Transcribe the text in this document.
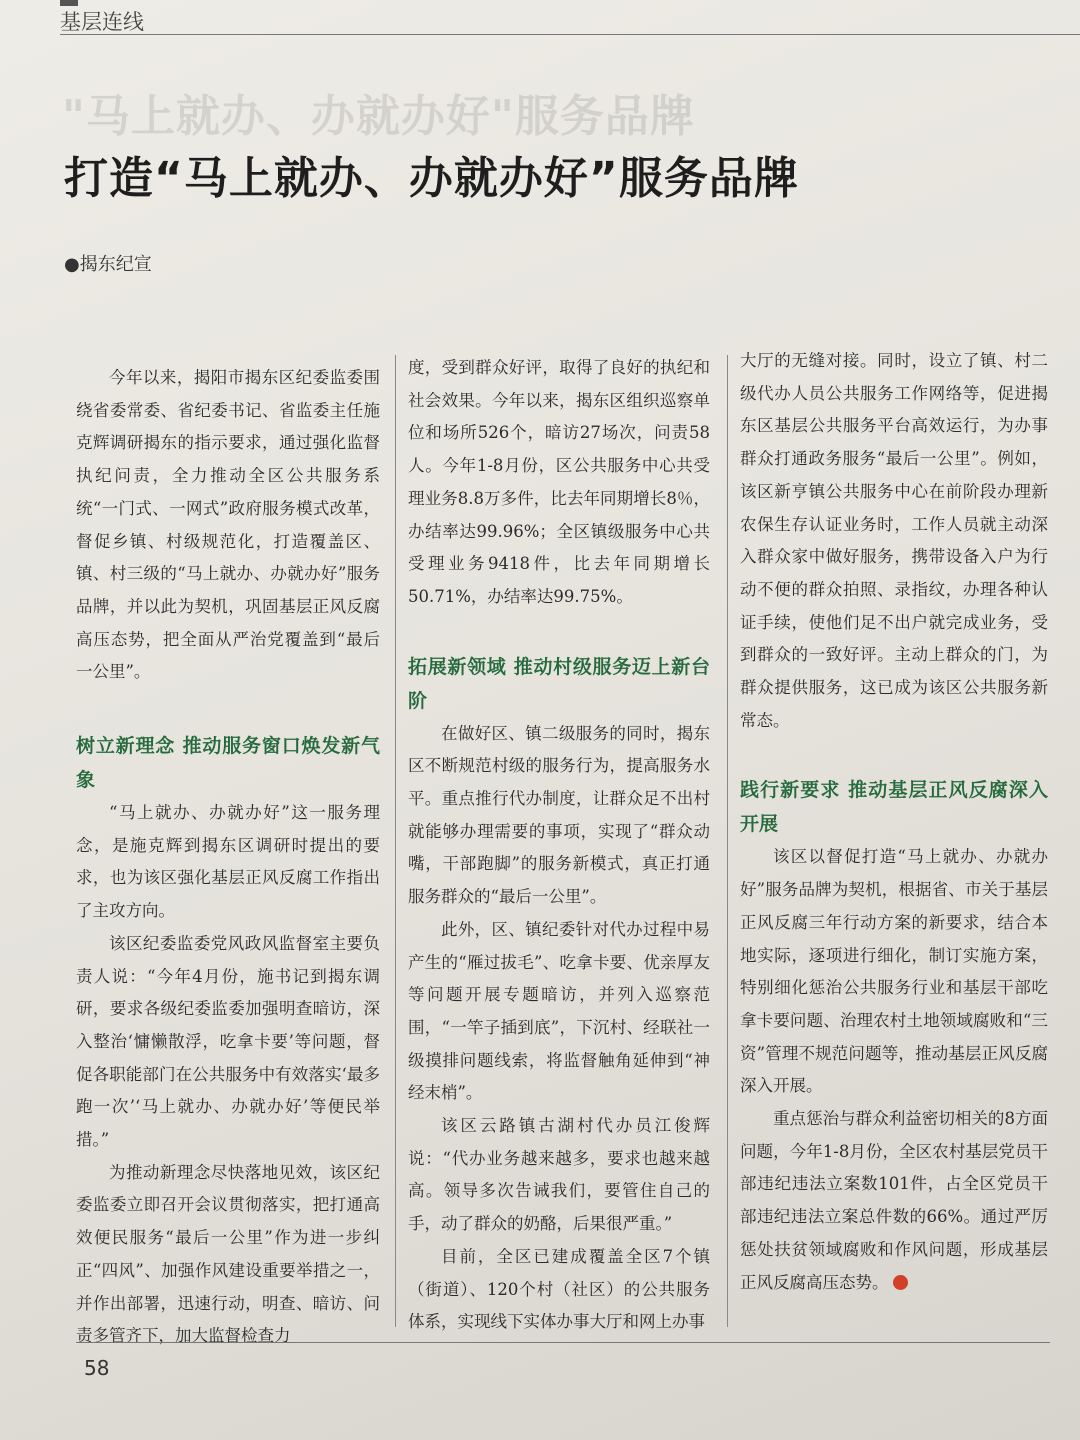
基层连线
"马上就办、办就办好"服务品牌
打造“马上就办、办就办好”服务品牌
●揭东纪宣

今年以来，揭阳市揭东区纪委监委围绕省委常委、省纪委书记、省监委主任施克辉调研揭东的指示要求，通过强化监督执纪问责，全力推动全区公共服务系统“一门式、一网式”政府服务模式改革，督促乡镇、村级规范化，打造覆盖区、镇、村三级的“马上就办、办就办好”服务品牌，并以此为契机，巩固基层正风反腐高压态势，把全面从严治党覆盖到“最后一公里”。

树立新理念 推动服务窗口焕发新气象

“马上就办、办就办好”这一服务理念，是施克辉到揭东区调研时提出的要求，也为该区强化基层正风反腐工作指出了主攻方向。

该区纪委监委党风政风监督室主要负责人说：“今年4月份，施书记到揭东调研，要求各级纪委监委加强明查暗访，深入整治‘慵懒散浮，吃拿卡要’等问题，督促各职能部门在公共服务中有效落实‘最多跑一次’‘马上就办、办就办好’等便民举措。”

为推动新理念尽快落地见效，该区纪委监委立即召开会议贯彻落实，把打通高效便民服务“最后一公里”作为进一步纠正“四风”、加强作风建设重要举措之一，并作出部署，迅速行动，明查、暗访、问责多管齐下，加大监督检查力

度，受到群众好评，取得了良好的执纪和社会效果。今年以来，揭东区组织巡察单位和场所526个，暗访27场次，问责58人。今年1-8月份，区公共服务中心共受理业务8.8万多件，比去年同期增长8％，办结率达99.96%；全区镇级服务中心共受理业务9418件，比去年同期增长50.71%，办结率达99.75%。

拓展新领域 推动村级服务迈上新台阶

在做好区、镇二级服务的同时，揭东区不断规范村级的服务行为，提高服务水平。重点推行代办制度，让群众足不出村就能够办理需要的事项，实现了“群众动嘴，干部跑脚”的服务新模式，真正打通服务群众的“最后一公里”。

此外，区、镇纪委针对代办过程中易产生的“雁过拔毛”、吃拿卡要、优亲厚友等问题开展专题暗访，并列入巡察范围，“一竿子插到底”，下沉村、经联社一级摸排问题线索，将监督触角延伸到“神经末梢”。

该区云路镇古湖村代办员江俊辉说：“代办业务越来越多，要求也越来越高。领导多次告诫我们，要管住自己的手，动了群众的奶酪，后果很严重。”

目前，全区已建成覆盖全区7个镇（街道）、120个村（社区）的公共服务体系，实现线下实体办事大厅和网上办事

大厅的无缝对接。同时，设立了镇、村二级代办人员公共服务工作网络等，促进揭东区基层公共服务平台高效运行，为办事群众打通政务服务“最后一公里”。例如，该区新亨镇公共服务中心在前阶段办理新农保生存认证业务时，工作人员就主动深入群众家中做好服务，携带设备入户为行动不便的群众拍照、录指纹，办理各种认证手续，使他们足不出户就完成业务，受到群众的一致好评。主动上群众的门，为群众提供服务，这已成为该区公共服务新常态。

践行新要求 推动基层正风反腐深入开展

该区以督促打造“马上就办、办就办好”服务品牌为契机，根据省、市关于基层正风反腐三年行动方案的新要求，结合本地实际，逐项进行细化，制订实施方案，特别细化惩治公共服务行业和基层干部吃拿卡要问题、治理农村土地领域腐败和“三资”管理不规范问题等，推动基层正风反腐深入开展。

重点惩治与群众利益密切相关的8方面问题，今年1-8月份，全区农村基层党员干部违纪违法立案数101件，占全区党员干部违纪违法立案总件数的66%。通过严厉惩处扶贫领域腐败和作风问题，形成基层正风反腐高压态势。

58
